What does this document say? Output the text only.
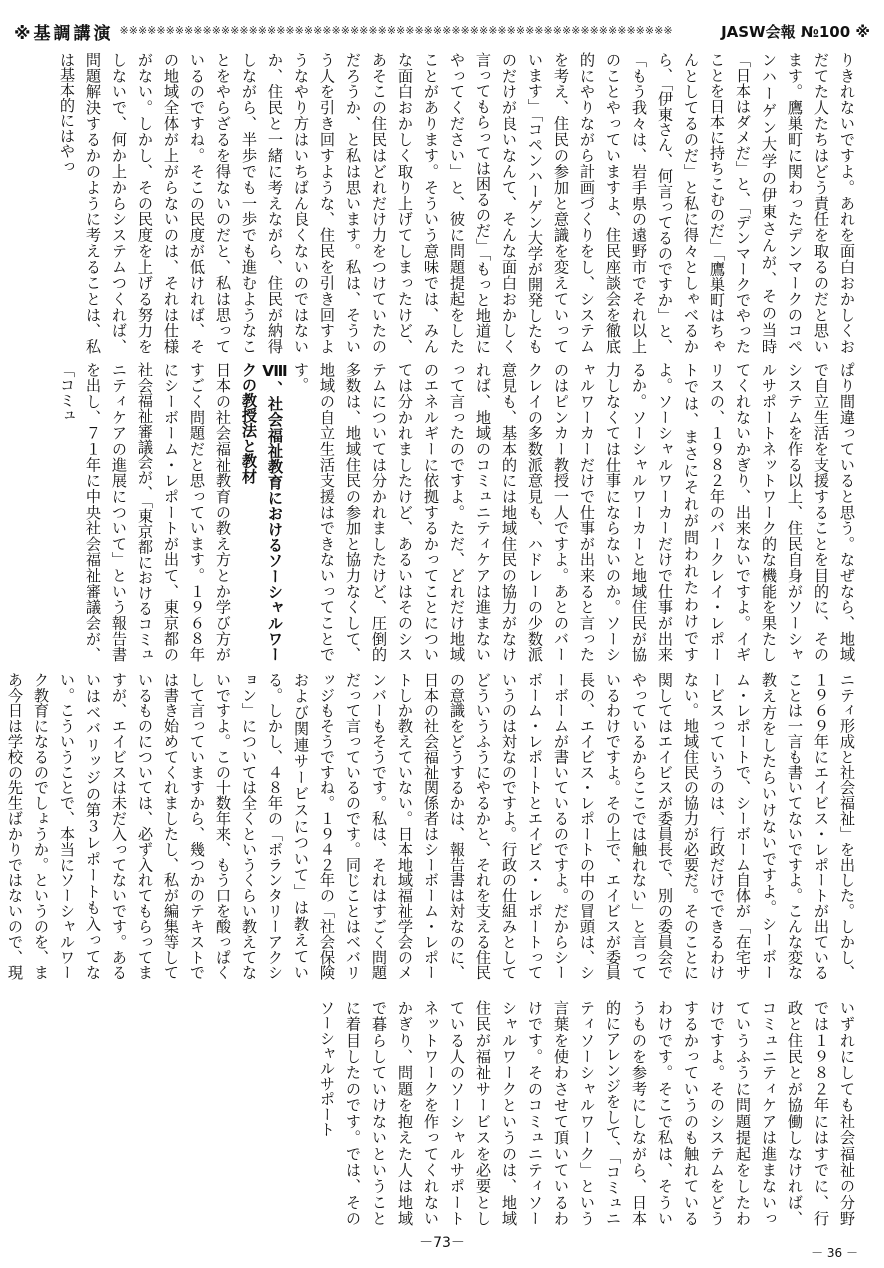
※基調講演 ※※※※※※※※※※※※※※※※※※※※※※※※※※※※※※※※※※※※※※※※※※※※※※※※※※※※※※※※※※※※	JASW会報 №100 ※
りきれないですよ。あれを面白おかしくおだてた人たちはどう責任を取るのだと思います。鷹巣町に関わったデンマークのコペンハーゲン大学の伊東さんが、その当時「日本はダメだ」と、「デンマークでやったことを日本に持ちこむのだ」「鷹巣町はちゃんとしてるのだ」と私に得々としゃべるから、「伊東さん、何言ってるのですか」と、「もう我々は、岩手県の遠野市でそれ以上のことやっていますよ、住民座談会を徹底的にやりながら計画づくりをし、システムを考え、住民の参加と意識を変えていっています」「コペンハーゲン大学が開発したものだけが良いなんて、そんな面白おかしく言ってもらっては困るのだ」「もっと地道にやってください」と、彼に問題提起をしたことがあります。そういう意味では、みんな面白おかしく取り上げてしまったけど、あそこの住民はどれだけ力をつけていたのだろうか、と私は思います。私は、そういう人を引き回すような、住民を引き回すようなやり方はいちばん良くないのではないか、住民と一緒に考えながら、住民が納得しながら、半歩でも一歩でも進むようなことをやらざるを得ないのだと、私は思っているのですね。そこの民度が低ければ、その地域全体が上がらないのは、それは仕様がない。しかし、その民度を上げる努力をしないで、何か上からシステムつくれば、問題解決するかのように考えることは、私は基本的にはやっ
ぱり間違っていると思う。なぜなら、地域で自立生活を支援することを目的に、そのシステムを作る以上、住民自身がソーシャルサポートネットワーク的な機能を果たしてくれないかぎり、出来ないですよ。イギリスの、１９８２年のバークレイ・レポートでは、まさにそれが問われたわけですよ。ソーシャルワーカーだけで仕事が出来るか。ソーシャルワーカーと地域住民が協力しなくては仕事にならないのか。ソーシャルワーカーだけで仕事が出来ると言ったのはピンカー教授一人ですよ。あとのバークレイの多数派意見も、ハドレーの少数派意見も、基本的には地域住民の協力がなければ、地域のコミュニティケアは進まないって言ったのですよ。ただ、どれだけ地域のエネルギーに依拠するかってことについては分かれましたけど、あるいはそのシステムについては分かれましたけど、圧倒的多数は、地域住民の参加と協力なくして、地域の自立生活支援はできないってことです。
Ⅷ、社会福祉教育におけるソーシャルワークの教授法と教材
日本の社会福祉教育の教え方とか学び方がすごく問題だと思っています。１９６８年にシーボーム・レポートが出て、東京都の社会福祉審議会が、「東京都におけるコミュニティケアの進展について」という報告書を出し、７１年に中央社会福祉審議会が、「コミュ
ニティ形成と社会福祉」を出した。しかし、１９６９年にエイビス・レポートが出ていることは一言も書いてないですよ。こんな変な教え方をしたらいけないですよ。シーボーム・レポートで、シーボーム自体が「在宅サービスっていうのは、行政だけでできるわけない。地域住民の協力が必要だ。そのことに関してはエイビスが委員長で、別の委員会でやっているからここでは触れない」と言っているわけですよ。その上で、エイビスが委員長の、エイビス・レポートの中の冒頭は、シーボームが書いているのですよ。だからシーボーム・レポートとエイビス・レポートっていうのは対なのですよ。行政の仕組みとしてどういうふうにやるかと、それを支える住民の意識をどうするかは、報告書は対なのに、日本の社会福祉関係者はシーボーム・レポートしか教えていない。日本地域福祉学会のメンバーもそうです。私は、それはすごく問題だって言っているのです。同じことはベバリッジもそうですね。１９４２年の「社会保険および関連サービスについて」は教えている。しかし、４８年の「ボランタリーアクション」については全くというくらい教えてないですよ。この十数年来、もう口を酸っぱくして言っていますから、幾つかのテキストでは書き始めてくれましたし、私が編集等しているものについては、必ず入れてもらってますが、エイビスは未だ入ってないです。あるいはベバリッジの第３レポートも入ってない。こういうことで、本当にソーシャルワーク教育になるのでしょうか。というのを、まあ今日は学校の先生ばかりではないので、現

いずれにしても社会福祉の分野では１９８２年にはすでに、行政と住民とが協働しなければ、コミュニティケアは進まないっていうふうに問題提起をしたわけですよ。そのシステムをどうするかっていうのも触れているわけです。そこで私は、そういうものを参考にしながら、日本的にアレンジをして、「コミュニティソーシャルワーク」という言葉を使わさせて頂いているわけです。そのコミュニティソーシャルワークというのは、地域住民が福祉サービスを必要としている人のソーシャルサポートネットワークを作ってくれないかぎり、問題を抱えた人は地域で暮らしていけないということに着目したのです。では、そのソーシャルサポート
－73－
－ 36 －
